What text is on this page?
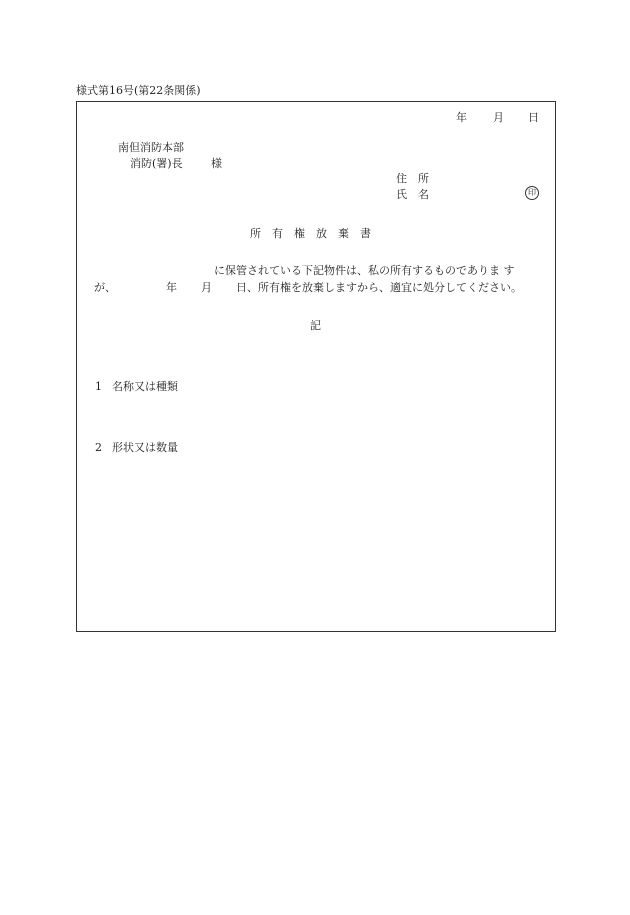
様式第16号(第22条関係)
年 月 日
南但消防本部
消防(署)長	様
住　所
氏　名	印
所　有　権　放　棄　書
に保管されている下記物件は、私の所有するものでありま す
が、	年 月 日、所有権を放棄しますから、適宜に処分してください。
記
1 名称又は種類
2 形状又は数量
